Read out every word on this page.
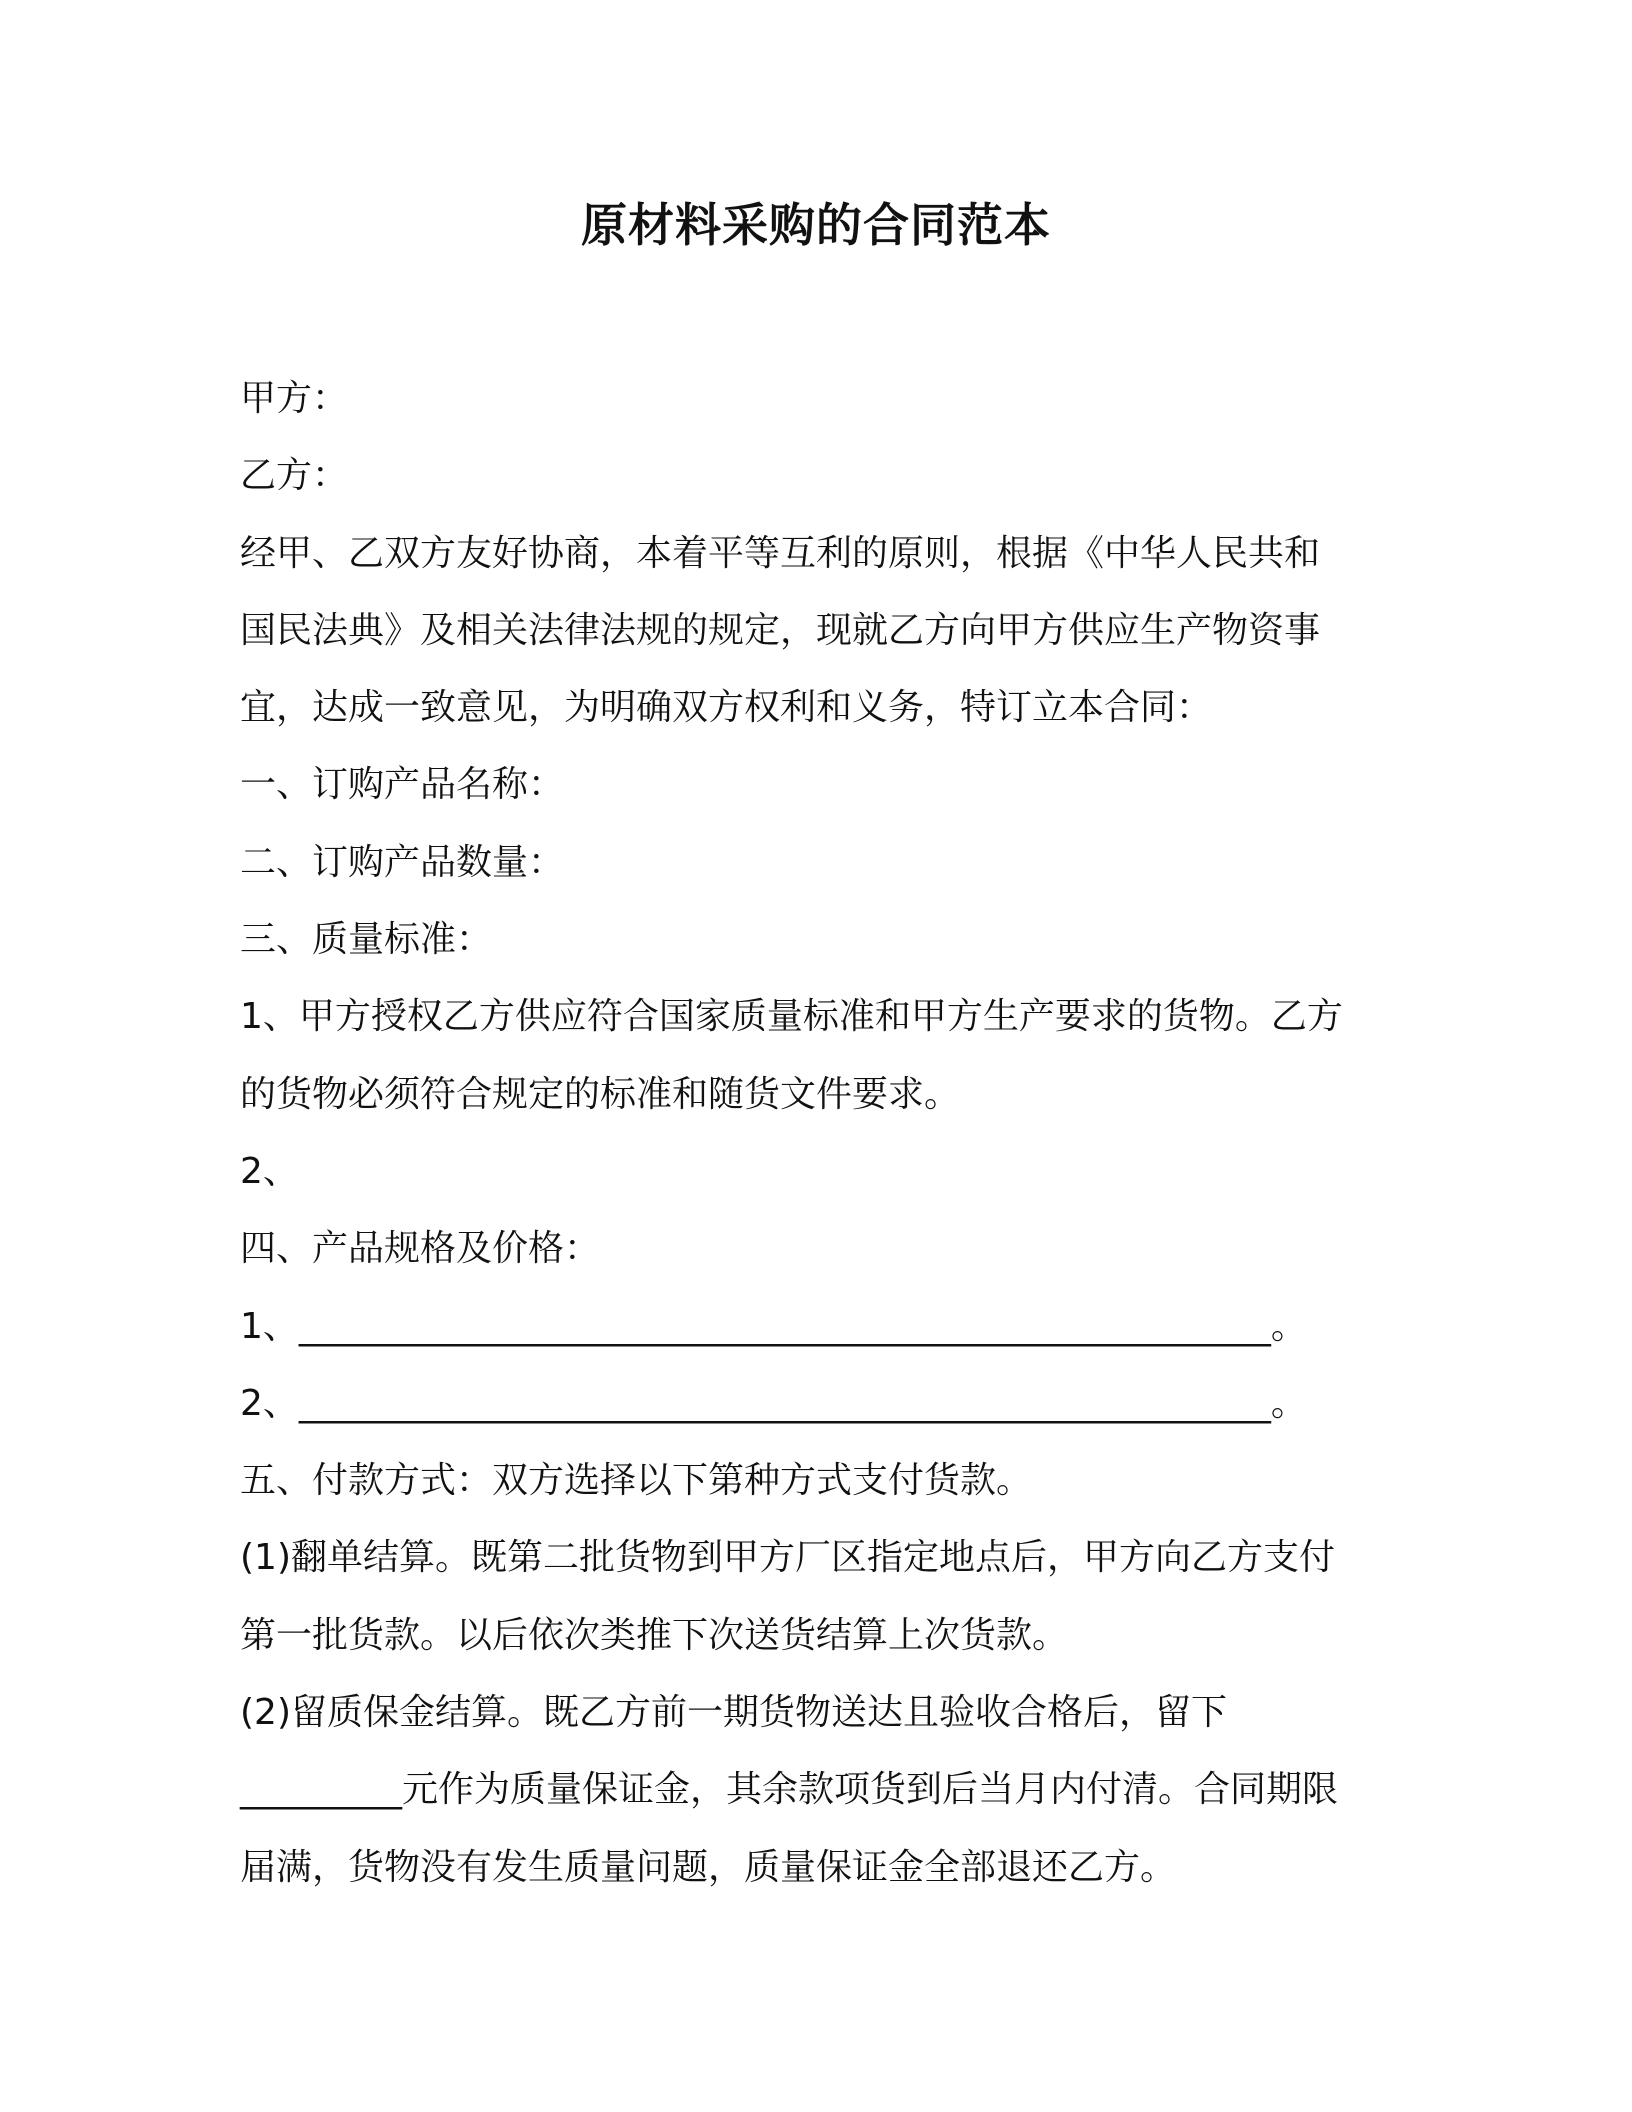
原材料采购的合同范本

甲方：

乙方：

经甲、乙双方友好协商，本着平等互利的原则，根据《中华人民共和

国民法典》及相关法律法规的规定，现就乙方向甲方供应生产物资事

宜，达成一致意见，为明确双方权利和义务，特订立本合同：

一、订购产品名称：

二、订购产品数量：

三、质量标准：

1、甲方授权乙方供应符合国家质量标准和甲方生产要求的货物。乙方

的货物必须符合规定的标准和随货文件要求。

2、

四、产品规格及价格：

1、______________________________________________________。

2、______________________________________________________。

五、付款方式：双方选择以下第种方式支付货款。

(1)翻单结算。既第二批货物到甲方厂区指定地点后，甲方向乙方支付

第一批货款。以后依次类推下次送货结算上次货款。

(2)留质保金结算。既乙方前一期货物送达且验收合格后，留下

_________元作为质量保证金，其余款项货到后当月内付清。合同期限

届满，货物没有发生质量问题，质量保证金全部退还乙方。
